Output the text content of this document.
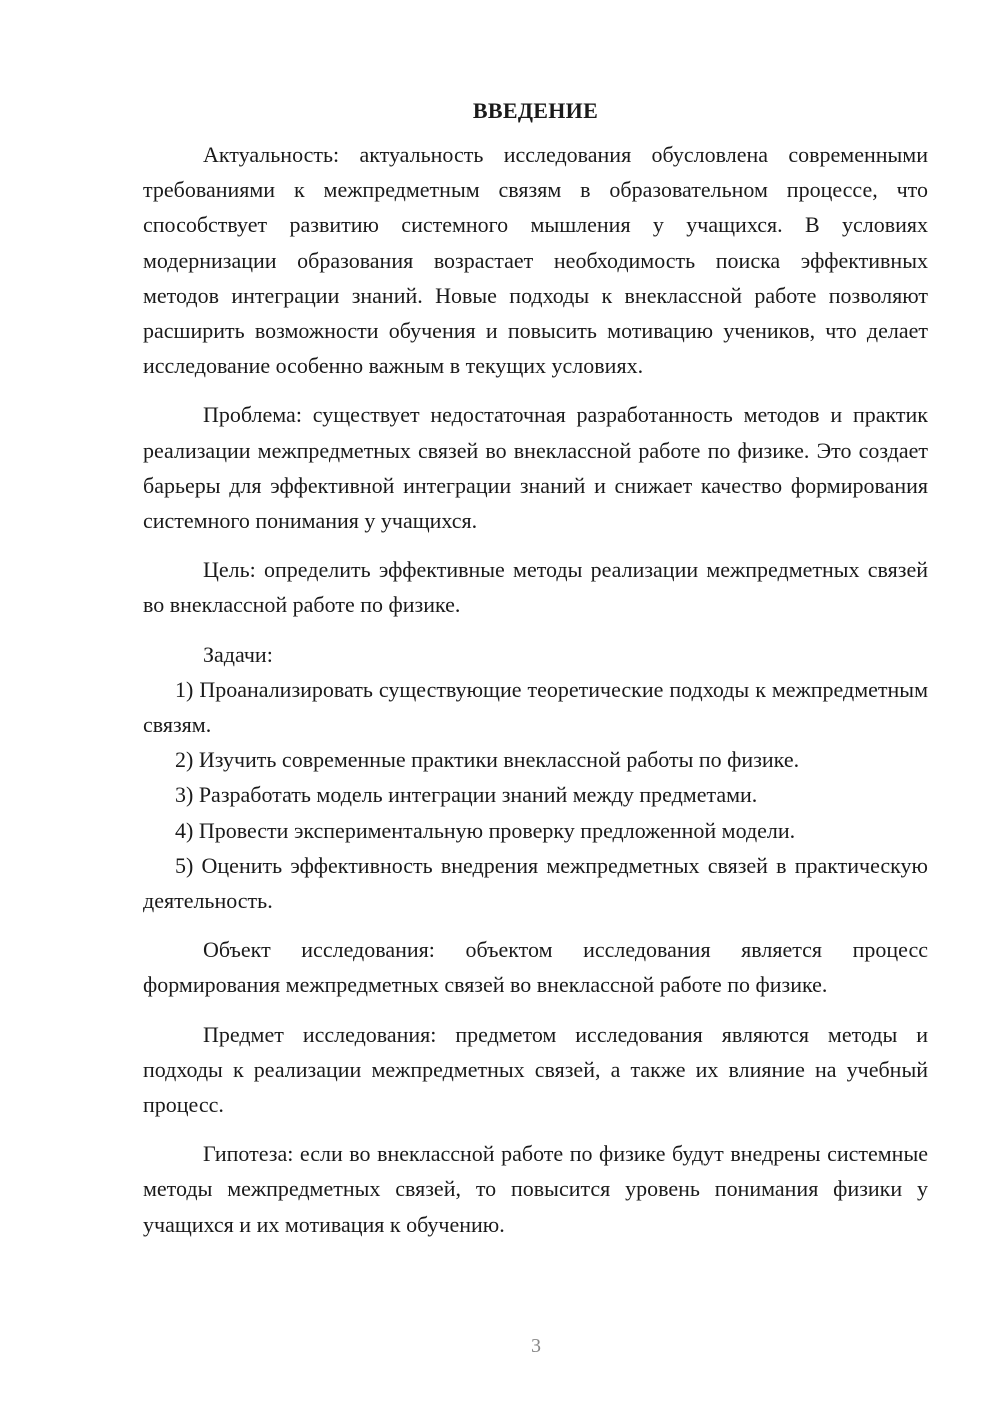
ВВЕДЕНИЕ

Актуальность: актуальность исследования обусловлена современными требованиями к межпредметным связям в образовательном процессе, что способствует развитию системного мышления у учащихся. В условиях модернизации образования возрастает необходимость поиска эффективных методов интеграции знаний. Новые подходы к внеклассной работе позволяют расширить возможности обучения и повысить мотивацию учеников, что делает исследование особенно важным в текущих условиях.

Проблема: существует недостаточная разработанность методов и практик реализации межпредметных связей во внеклассной работе по физике. Это создает барьеры для эффективной интеграции знаний и снижает качество формирования системного понимания у учащихся.

Цель: определить эффективные методы реализации межпредметных связей во внеклассной работе по физике.

Задачи:

1) Проанализировать существующие теоретические подходы к межпредметным связям.

2) Изучить современные практики внеклассной работы по физике.

3) Разработать модель интеграции знаний между предметами.

4) Провести экспериментальную проверку предложенной модели.

5) Оценить эффективность внедрения межпредметных связей в практическую деятельность.

Объект исследования: объектом исследования является процесс формирования межпредметных связей во внеклассной работе по физике.

Предмет исследования: предметом исследования являются методы и подходы к реализации межпредметных связей, а также их влияние на учебный процесс.

Гипотеза: если во внеклассной работе по физике будут внедрены системные методы межпредметных связей, то повысится уровень понимания физики у учащихся и их мотивация к обучению.

3
